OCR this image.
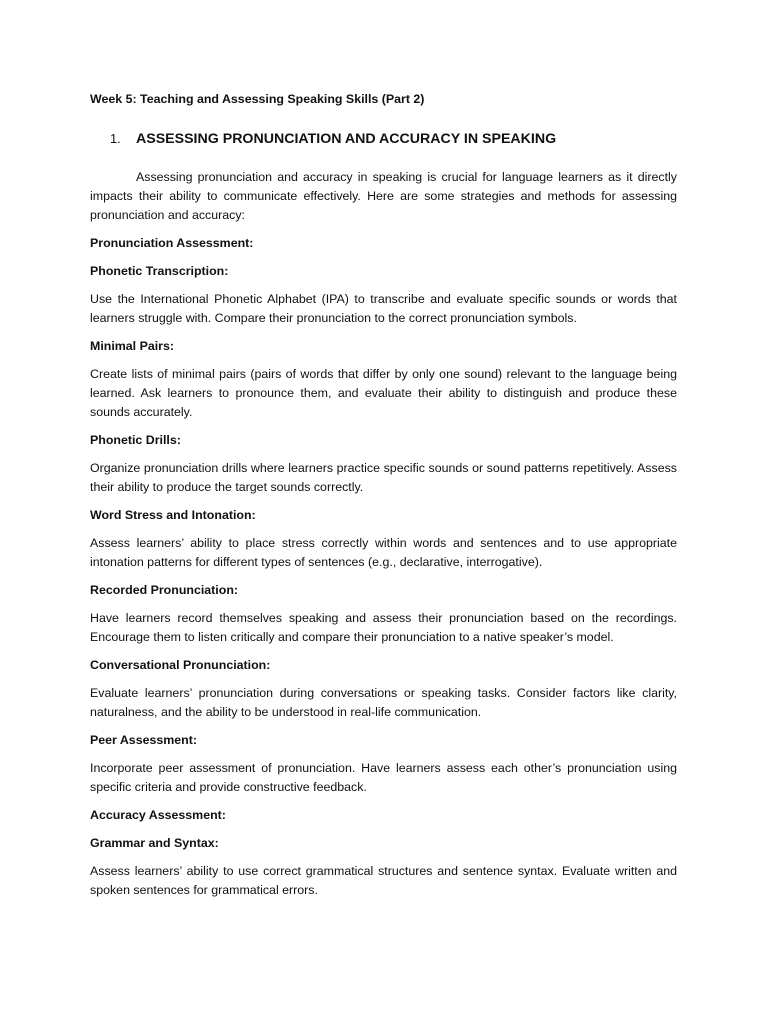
Week 5: Teaching and Assessing Speaking Skills (Part 2)
1.	ASSESSING PRONUNCIATION AND ACCURACY IN SPEAKING
Assessing pronunciation and accuracy in speaking is crucial for language learners as it directly impacts their ability to communicate effectively. Here are some strategies and methods for assessing pronunciation and accuracy:
Pronunciation Assessment:
Phonetic Transcription:
Use the International Phonetic Alphabet (IPA) to transcribe and evaluate specific sounds or words that learners struggle with. Compare their pronunciation to the correct pronunciation symbols.
Minimal Pairs:
Create lists of minimal pairs (pairs of words that differ by only one sound) relevant to the language being learned. Ask learners to pronounce them, and evaluate their ability to distinguish and produce these sounds accurately.
Phonetic Drills:
Organize pronunciation drills where learners practice specific sounds or sound patterns repetitively. Assess their ability to produce the target sounds correctly.
Word Stress and Intonation:
Assess learners’ ability to place stress correctly within words and sentences and to use appropriate intonation patterns for different types of sentences (e.g., declarative, interrogative).
Recorded Pronunciation:
Have learners record themselves speaking and assess their pronunciation based on the recordings. Encourage them to listen critically and compare their pronunciation to a native speaker’s model.
Conversational Pronunciation:
Evaluate learners’ pronunciation during conversations or speaking tasks. Consider factors like clarity, naturalness, and the ability to be understood in real-life communication.
Peer Assessment:
Incorporate peer assessment of pronunciation. Have learners assess each other’s pronunciation using specific criteria and provide constructive feedback.
Accuracy Assessment:
Grammar and Syntax:
Assess learners’ ability to use correct grammatical structures and sentence syntax. Evaluate written and spoken sentences for grammatical errors.
